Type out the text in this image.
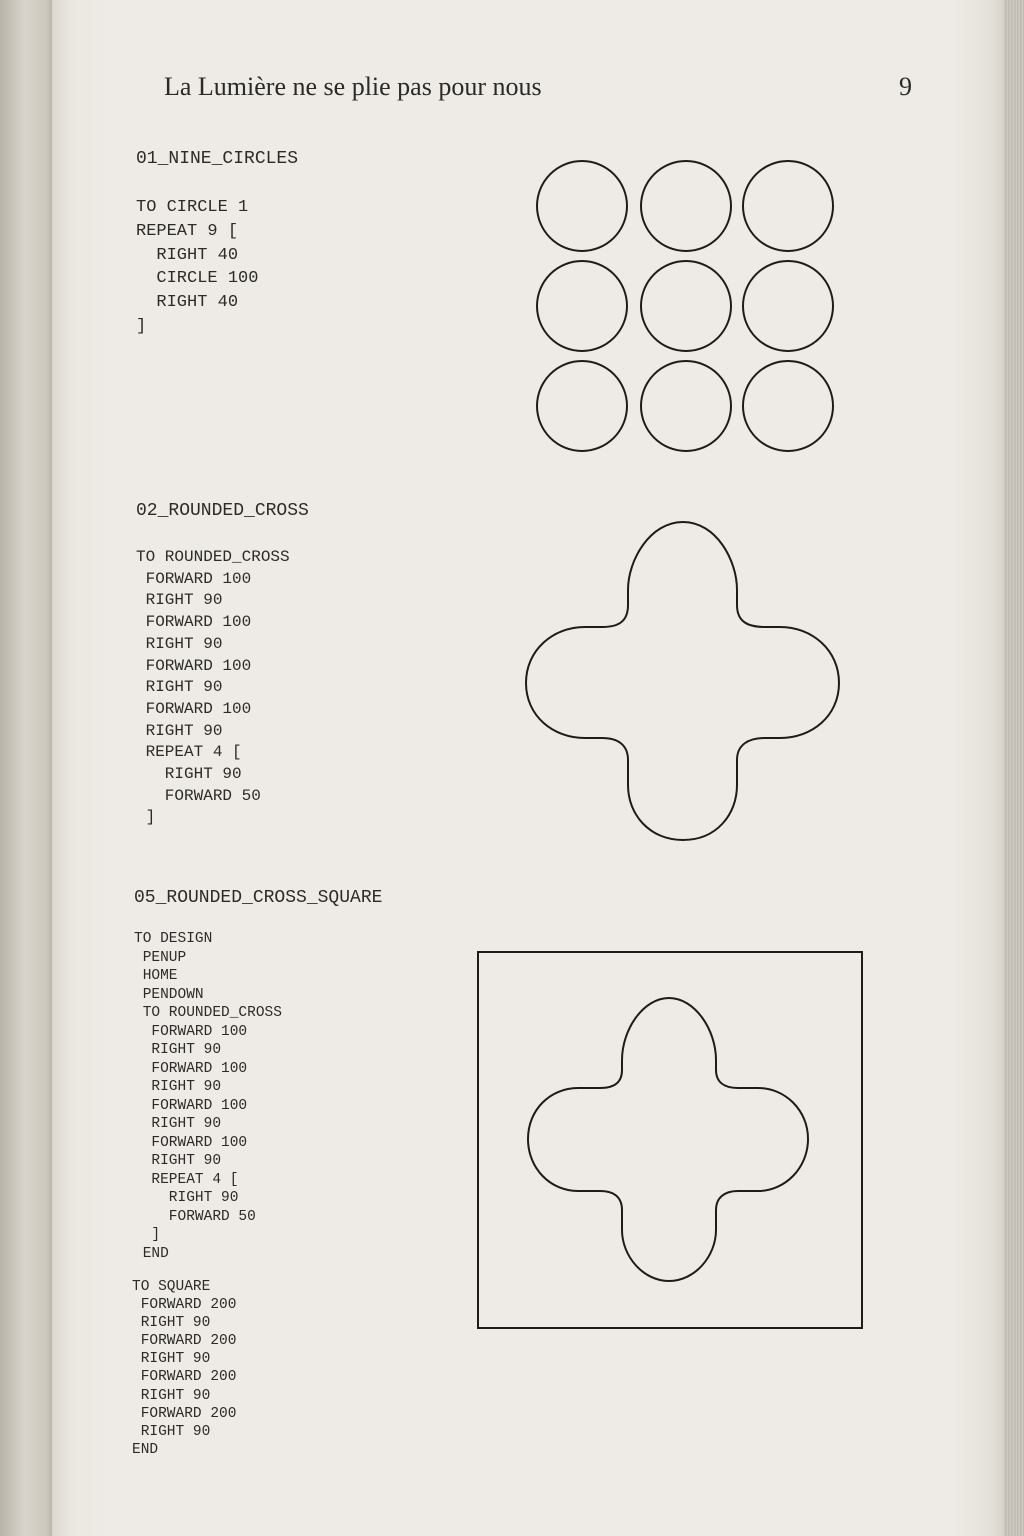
La Lumière ne se plie pas pour nous	9
01_NINE_CIRCLES
TO CIRCLE 1
REPEAT 9 [
RIGHT 40
CIRCLE 100
RIGHT 40
]
02_ROUNDED_CROSS
TO ROUNDED_CROSS
FORWARD 100
RIGHT 90
FORWARD 100
RIGHT 90
FORWARD 100
RIGHT 90
FORWARD 100
RIGHT 90
REPEAT 4 [
RIGHT 90
FORWARD 50
]
05_ROUNDED_CROSS_SQUARE
TO DESIGN
PENUP
HOME
PENDOWN
TO ROUNDED_CROSS
FORWARD 100
RIGHT 90
FORWARD 100
RIGHT 90
FORWARD 100
RIGHT 90
FORWARD 100
RIGHT 90
REPEAT 4 [
RIGHT 90
FORWARD 50
]
END
TO SQUARE
FORWARD 200
RIGHT 90
FORWARD 200
RIGHT 90
FORWARD 200
RIGHT 90
FORWARD 200
RIGHT 90
END
